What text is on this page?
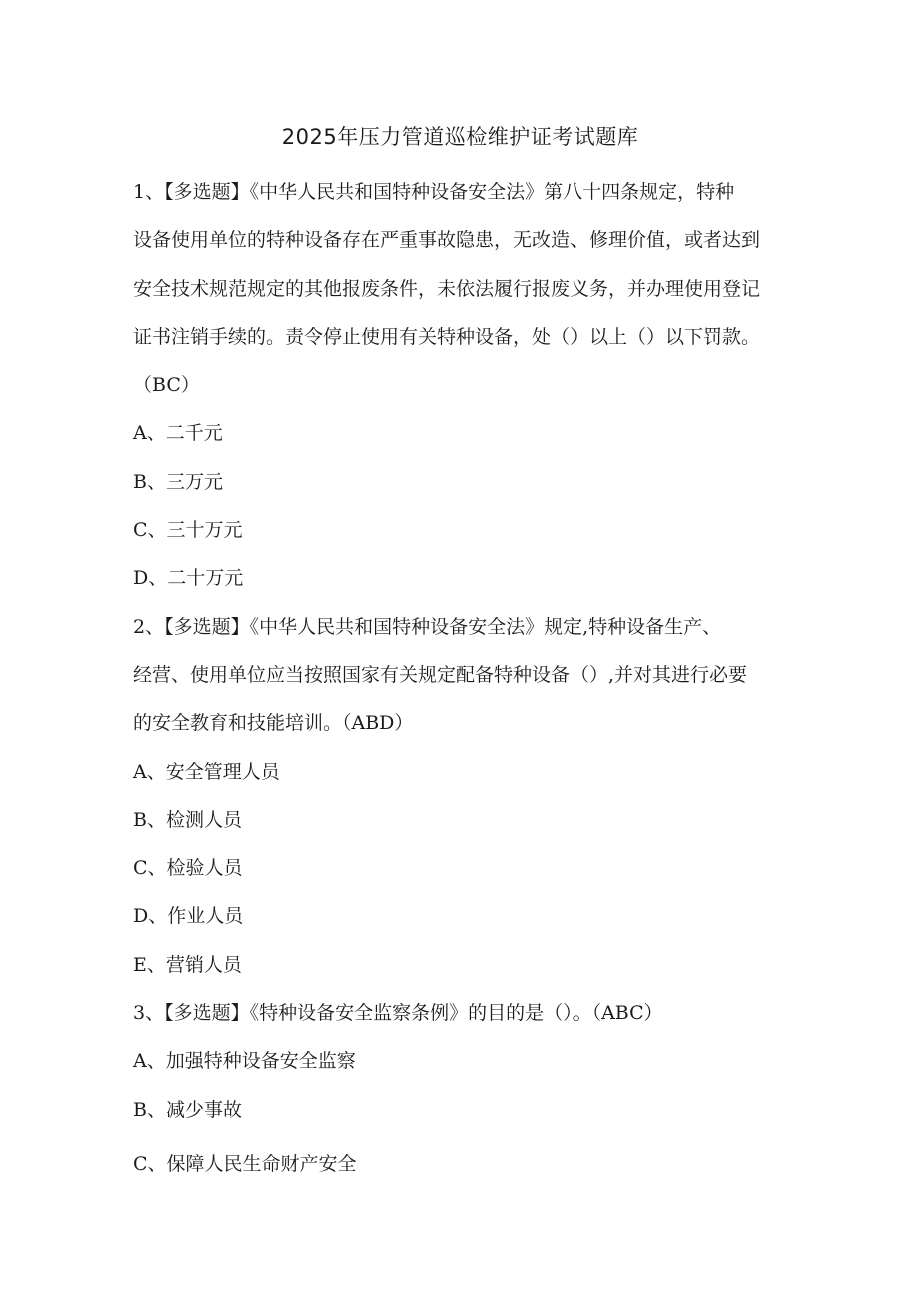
2025年压力管道巡检维护证考试题库
1、【多选题】《中华人民共和国特种设备安全法》第八十四条规定，特种
设备使用单位的特种设备存在严重事故隐患，无改造、修理价值，或者达到
安全技术规范规定的其他报废条件，未依法履行报废义务，并办理使用登记
证书注销手续的。责令停止使用有关特种设备，处（）以上（）以下罚款。
（BC）
A、二千元
B、三万元
C、三十万元
D、二十万元
2、【多选题】《中华人民共和国特种设备安全法》规定,特种设备生产、
经营、使用单位应当按照国家有关规定配备特种设备（）,并对其进行必要
的安全教育和技能培训。（ABD）
A、安全管理人员
B、检测人员
C、检验人员
D、作业人员
E、营销人员
3、【多选题】《特种设备安全监察条例》的目的是（）。（ABC）
A、加强特种设备安全监察
B、减少事故
C、保障人民生命财产安全
